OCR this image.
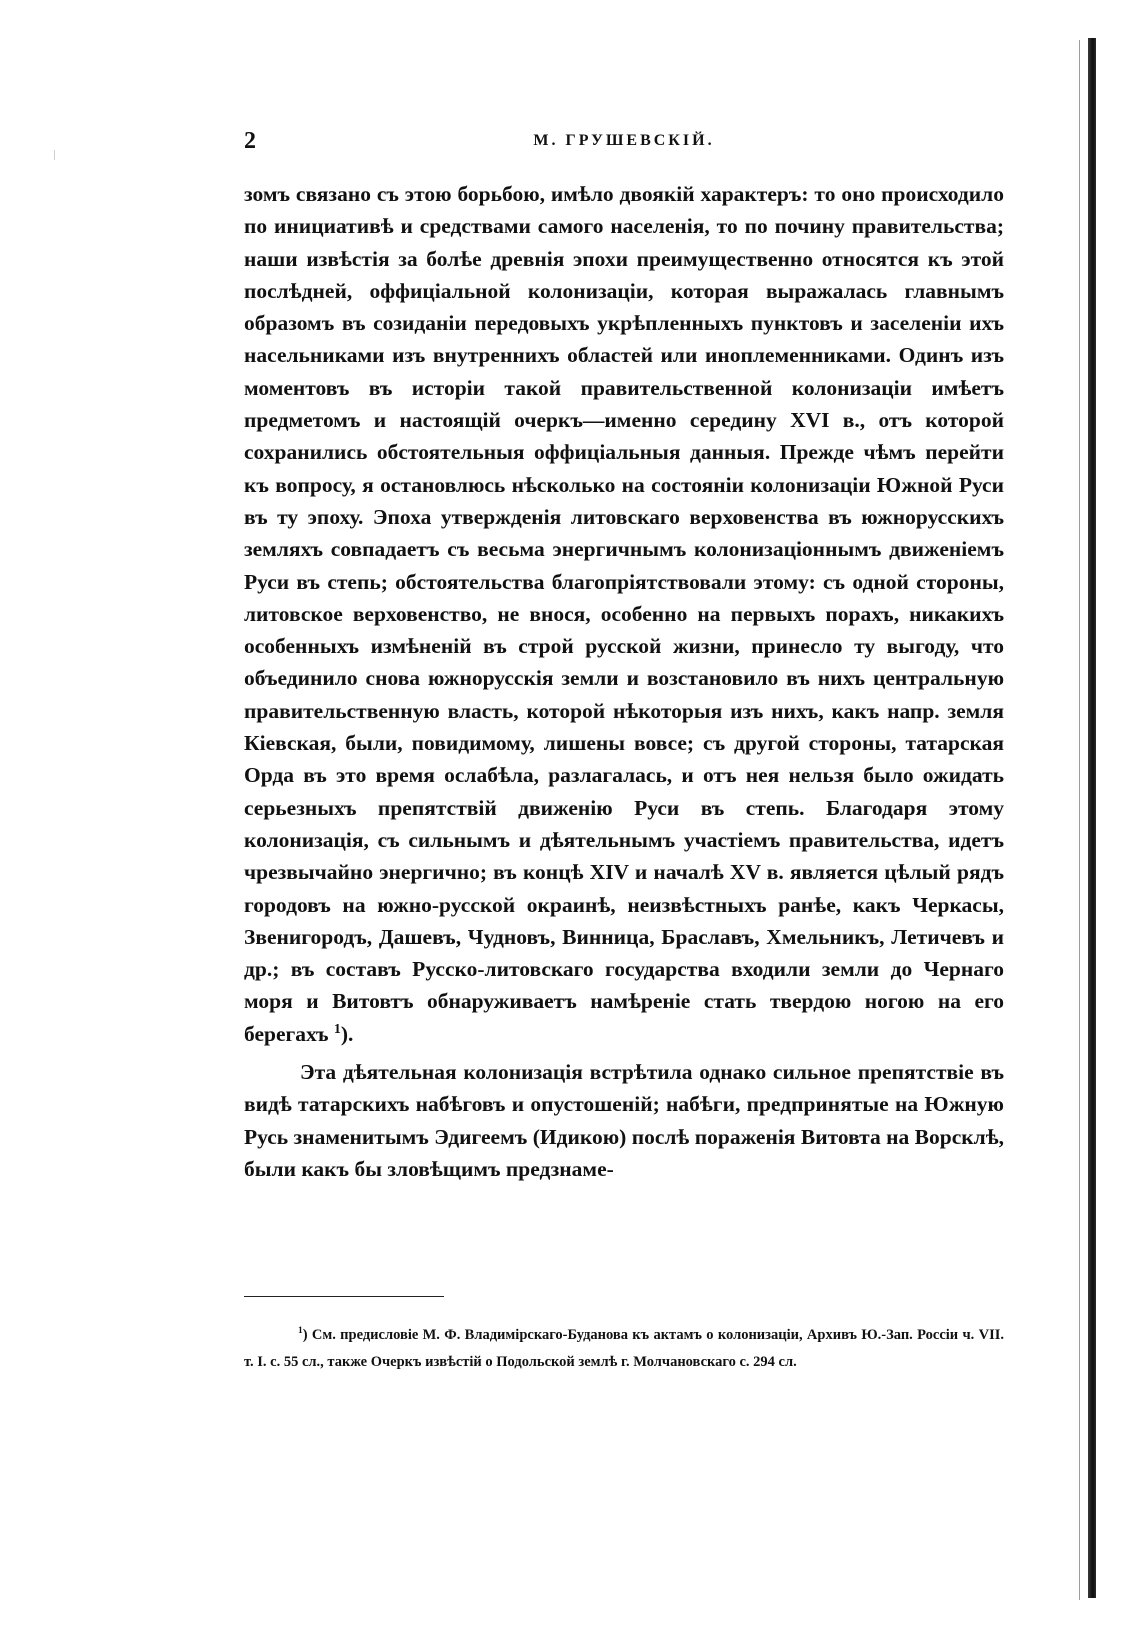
2	М. ГРУШЕВСКІЙ.

зомъ связано съ этою борьбою, имѣло двоякій характеръ: то оно происходило по инициативѣ и средствами самого населенія, то по почину правительства; наши извѣстія за болѣе древнія эпохи преимущественно относятся къ этой послѣдней, оффиціальной колонизаціи, которая выражалась главнымъ образомъ въ созиданіи передовыхъ укрѣпленныхъ пунктовъ и заселеніи ихъ насельниками изъ внутреннихъ областей или иноплеменниками. Одинъ изъ моментовъ въ исторіи такой правительственной колонизаціи имѣетъ предметомъ и настоящій очеркъ—именно середину XVI в., отъ которой сохранились обстоятельныя оффиціальныя данныя. Прежде чѣмъ перейти къ вопросу, я остановлюсь нѣсколько на состояніи колонизаціи Южной Руси въ ту эпоху. Эпоха утвержденія литовскаго верховенства въ южнорусскихъ земляхъ совпадаетъ съ весьма энергичнымъ колонизаціоннымъ движеніемъ Руси въ степь; обстоятельства благопріятствовали этому: съ одной стороны, литовское верховенство, не внося, особенно на первыхъ порахъ, никакихъ особенныхъ измѣненій въ строй русской жизни, принесло ту выгоду, что объединило снова южнорусскія земли и возстановило въ нихъ центральную правительственную власть, которой нѣкоторыя изъ нихъ, какъ напр. земля Кіевская, были, повидимому, лишены вовсе; съ другой стороны, татарская Орда въ это время ослабѣла, разлагалась, и отъ нея нельзя было ожидать серьезныхъ препятствій движенію Руси въ степь. Благодаря этому колонизація, съ сильнымъ и дѣятельнымъ участіемъ правительства, идетъ чрезвычайно энергично; въ концѣ XIV и началѣ XV в. является цѣлый рядъ городовъ на южно-русской окраинѣ, неизвѣстныхъ ранѣе, какъ Черкасы, Звенигородъ, Дашевъ, Чудновъ, Винница, Браславъ, Хмельникъ, Летичевъ и др.; въ составъ Русско-литовскаго государства входили земли до Чернаго моря и Витовтъ обнаруживаетъ намѣреніе стать твердою ногою на его берегахъ $^1$).

Эта дѣятельная колонизація встрѣтила однако сильное препятствіе въ видѣ татарскихъ набѣговъ и опустошеній; набѣги, предпринятые на Южную Русь знаменитымъ Эдигеемъ (Идикою) послѣ пораженія Витовта на Ворсклѣ, были какъ бы зловѣщимъ предзнаме-

$^1$) См. предисловіе М. Ф. Владимірскаго-Буданова къ актамъ о колонизаціи, Архивъ Ю.-Зап. Россіи ч. VII. т. I. с. 55 сл., также Очеркъ извѣстій о Подольской землѣ г. Молчановскаго с. 294 сл.
